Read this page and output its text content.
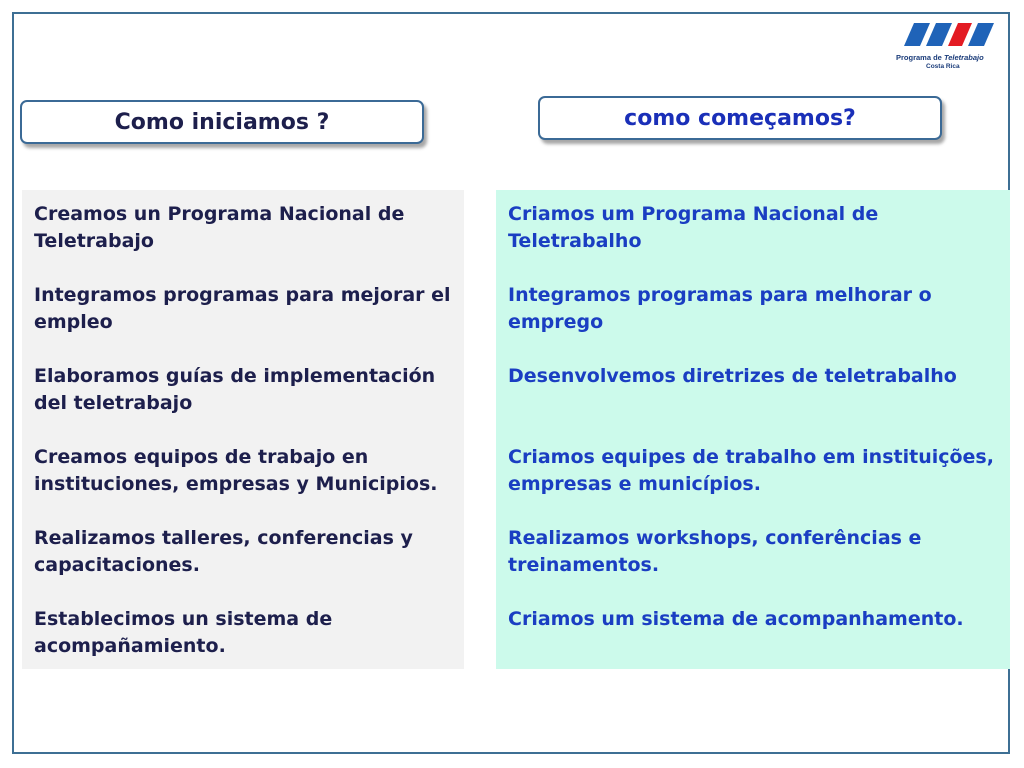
Programa de Teletrabajo
Costa Rica
Como iniciamos ?	como começamos?

Creamos un Programa Nacional de Teletrabajo

Integramos programas para mejorar el empleo

Elaboramos guías de implementación del teletrabajo

Creamos equipos de trabajo en instituciones, empresas y Municipios.

Realizamos talleres, conferencias y capacitaciones.

Establecimos un sistema de acompañamiento.

Criamos um Programa Nacional de Teletrabalho

Integramos programas para melhorar o emprego

Desenvolvemos diretrizes de teletrabalho

Criamos equipes de trabalho em instituições, empresas e municípios.

Realizamos workshops, conferências e treinamentos.

Criamos um sistema de acompanhamento.
